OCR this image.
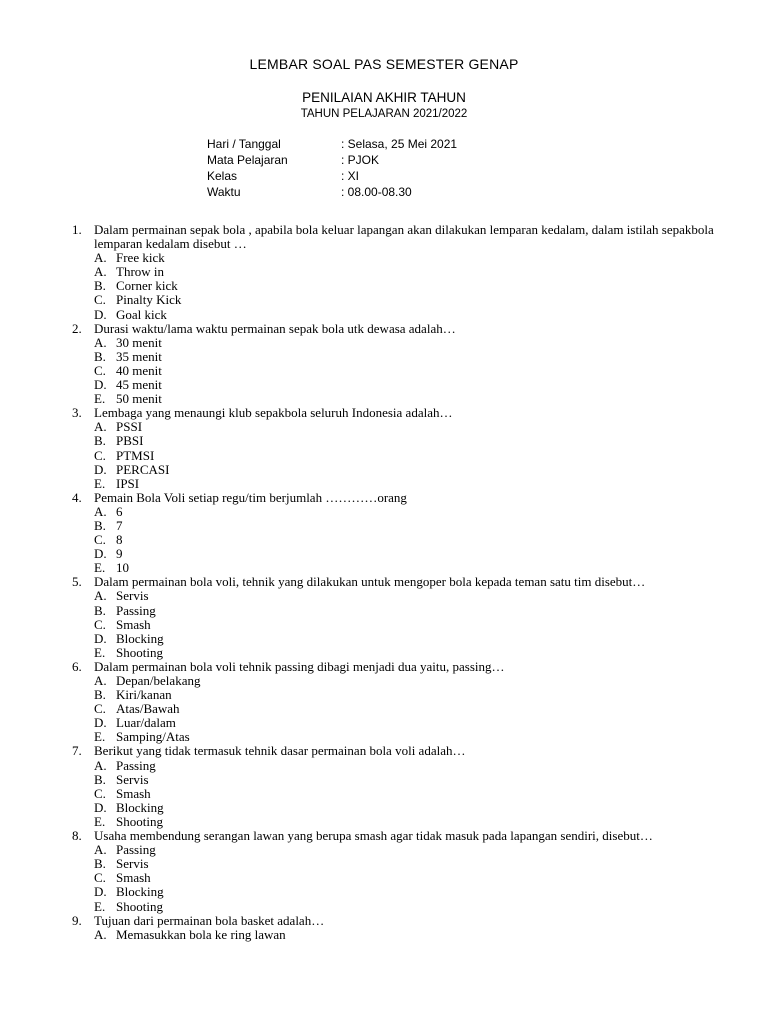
LEMBAR SOAL PAS SEMESTER GENAP
PENILAIAN AKHIR TAHUN
TAHUN PELAJARAN 2021/2022
Hari / Tanggal	: Selasa, 25 Mei 2021
Mata Pelajaran	: PJOK
Kelas	: XI
Waktu	: 08.00-08.30
1. Dalam permainan sepak bola , apabila bola keluar lapangan akan dilakukan lemparan kedalam, dalam istilah sepakbola lemparan kedalam disebut …
A. Free kick
A. Throw in
B. Corner kick
C. Pinalty Kick
D. Goal kick
2. Durasi waktu/lama waktu permainan sepak bola utk dewasa adalah…
A. 30 menit
B. 35 menit
C. 40 menit
D. 45 menit
E. 50 menit
3. Lembaga yang menaungi klub sepakbola seluruh Indonesia adalah…
A. PSSI
B. PBSI
C. PTMSI
D. PERCASI
E. IPSI
4. Pemain Bola Voli setiap regu/tim berjumlah …………orang
A. 6
B. 7
C. 8
D. 9
E. 10
5. Dalam permainan bola voli, tehnik yang dilakukan untuk mengoper bola kepada teman satu tim disebut…
A. Servis
B. Passing
C. Smash
D. Blocking
E. Shooting
6. Dalam permainan bola voli tehnik passing dibagi menjadi dua yaitu, passing…
A. Depan/belakang
B. Kiri/kanan
C. Atas/Bawah
D. Luar/dalam
E. Samping/Atas
7. Berikut yang tidak termasuk tehnik dasar permainan bola voli adalah…
A. Passing
B. Servis
C. Smash
D. Blocking
E. Shooting
8. Usaha membendung serangan lawan yang berupa smash agar tidak masuk pada lapangan sendiri, disebut…
A. Passing
B. Servis
C. Smash
D. Blocking
E. Shooting
9. Tujuan dari permainan bola basket adalah…
A. Memasukkan bola ke ring lawan
